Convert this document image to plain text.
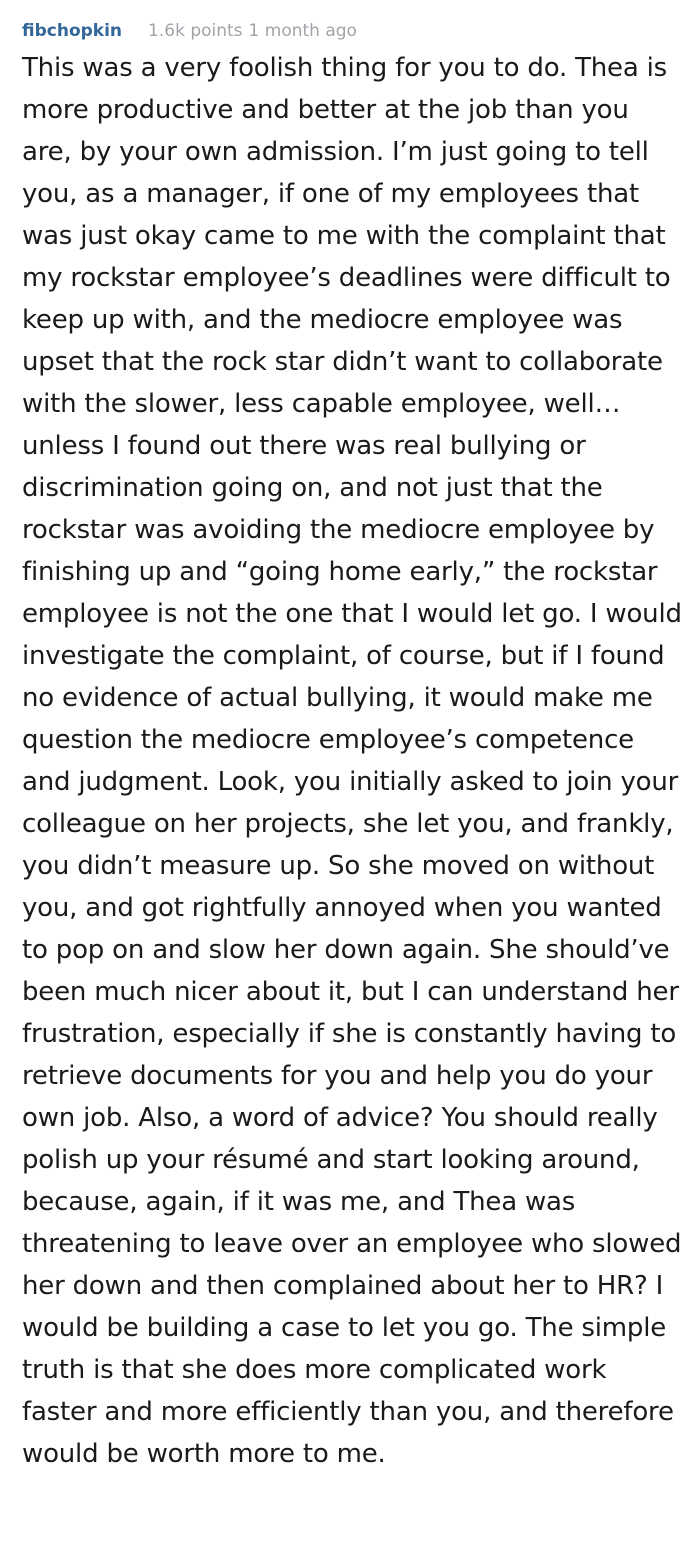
fibchopkin 1.6k points 1 month ago

This was a very foolish thing for you to do. Thea is more productive and better at the job than you are, by your own admission. I’m just going to tell you, as a manager, if one of my employees that was just okay came to me with the complaint that my rockstar employee’s deadlines were difficult to keep up with, and the mediocre employee was upset that the rock star didn’t want to collaborate with the slower, less capable employee, well… unless I found out there was real bullying or discrimination going on, and not just that the rockstar was avoiding the mediocre employee by finishing up and “going home early,” the rockstar employee is not the one that I would let go. I would investigate the complaint, of course, but if I found no evidence of actual bullying, it would make me question the mediocre employee’s competence and judgment. Look, you initially asked to join your colleague on her projects, she let you, and frankly, you didn’t measure up. So she moved on without you, and got rightfully annoyed when you wanted to pop on and slow her down again. She should’ve been much nicer about it, but I can understand her frustration, especially if she is constantly having to retrieve documents for you and help you do your own job. Also, a word of advice? You should really polish up your résumé and start looking around, because, again, if it was me, and Thea was threatening to leave over an employee who slowed her down and then complained about her to HR? I would be building a case to let you go. The simple truth is that she does more complicated work faster and more efficiently than you, and therefore would be worth more to me.
